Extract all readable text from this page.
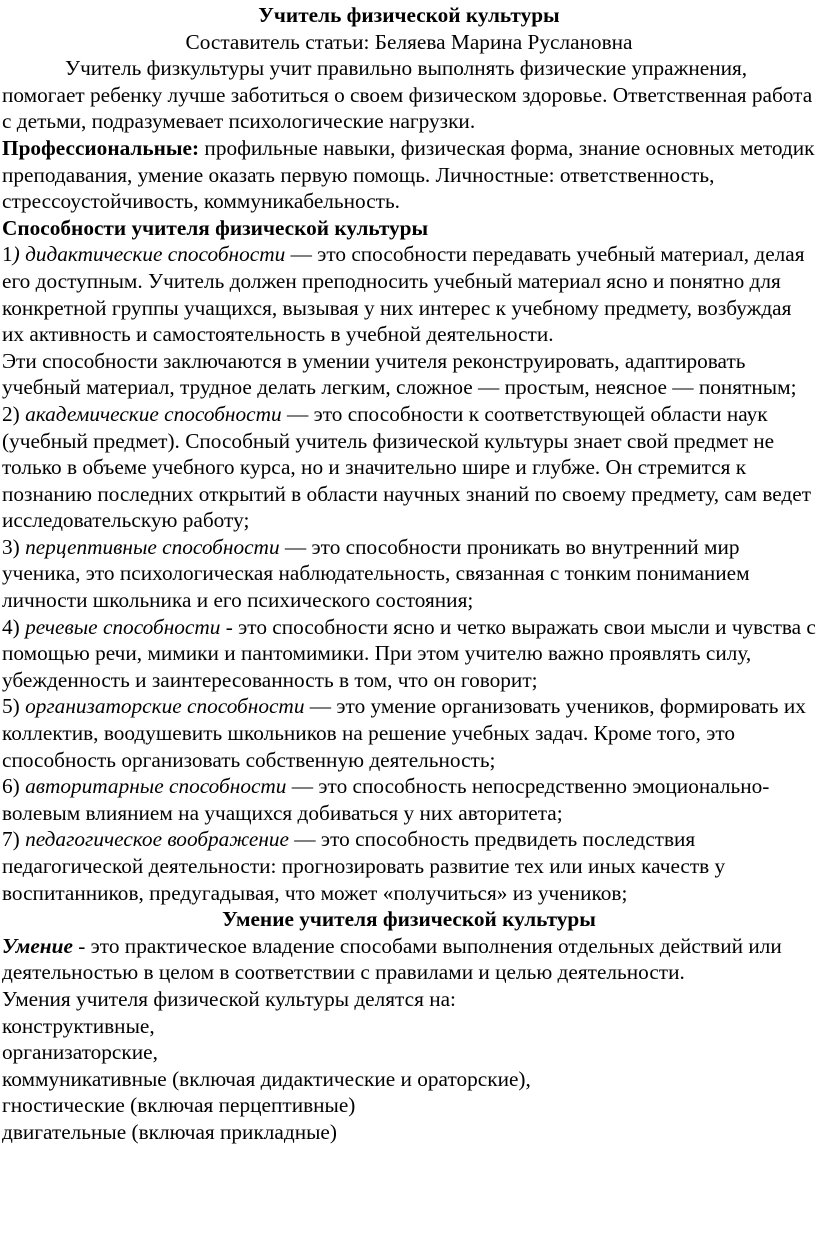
Учитель физической культуры

Составитель статьи: Беляева Марина Руслановна

Учитель физкультуры учит правильно выполнять физические упражнения, помогает ребенку лучше заботиться о своем физическом здоровье. Ответственная работа с детьми, подразумевает психологические нагрузки.

Профессиональные: профильные навыки, физическая форма, знание основных методик преподавания, умение оказать первую помощь. Личностные: ответственность, стрессоустойчивость, коммуникабельность.

Способности учителя физической культуры

1) дидактические способности — это способности передавать учебный материал, делая его доступным. Учитель должен преподносить учебный материал ясно и понятно для конкретной группы учащихся, вызывая у них интерес к учебному предмету, возбуждая их активность и самостоятельность в учебной деятельности.

Эти способности заключаются в умении учителя реконструировать, адаптировать учебный материал, трудное делать легким, сложное — простым, неясное — понятным;

2) академические способности — это способности к соответствующей области наук (учебный предмет). Способный учитель физической культуры знает свой предмет не только в объеме учебного курса, но и значительно шире и глубже. Он стремится к познанию последних открытий в области научных знаний по своему предмету, сам ведет исследовательскую работу;

3) перцептивные способности — это способности проникать во внутренний мир ученика, это психологическая наблюдательность, связанная с тонким пониманием личности школьника и его психического состояния;

4) речевые способности - это способности ясно и четко выражать свои мысли и чувства с помощью речи, мимики и пантомимики. При этом учителю важно проявлять силу, убежденность и заинтересованность в том, что он говорит;

5) организаторские способности — это умение организовать учеников, формировать их коллектив, воодушевить школьников на решение учебных задач. Кроме того, это способность организовать собственную деятельность;

6) авторитарные способности — это способность непосредственно эмоционально-волевым влиянием на учащихся добиваться у них авторитета;

7) педагогическое воображение — это способность предвидеть последствия педагогической деятельности: прогнозировать развитие тех или иных качеств у воспитанников, предугадывая, что может «получиться» из учеников;

Умение учителя физической культуры

Умение - это практическое владение способами выполнения отдельных действий или деятельностью в целом в соответствии с правилами и целью деятельности.

Умения учителя физической культуры делятся на:

конструктивные,

организаторские,

коммуникативные (включая дидактические и ораторские),

гностические (включая перцептивные)

двигательные (включая прикладные)
